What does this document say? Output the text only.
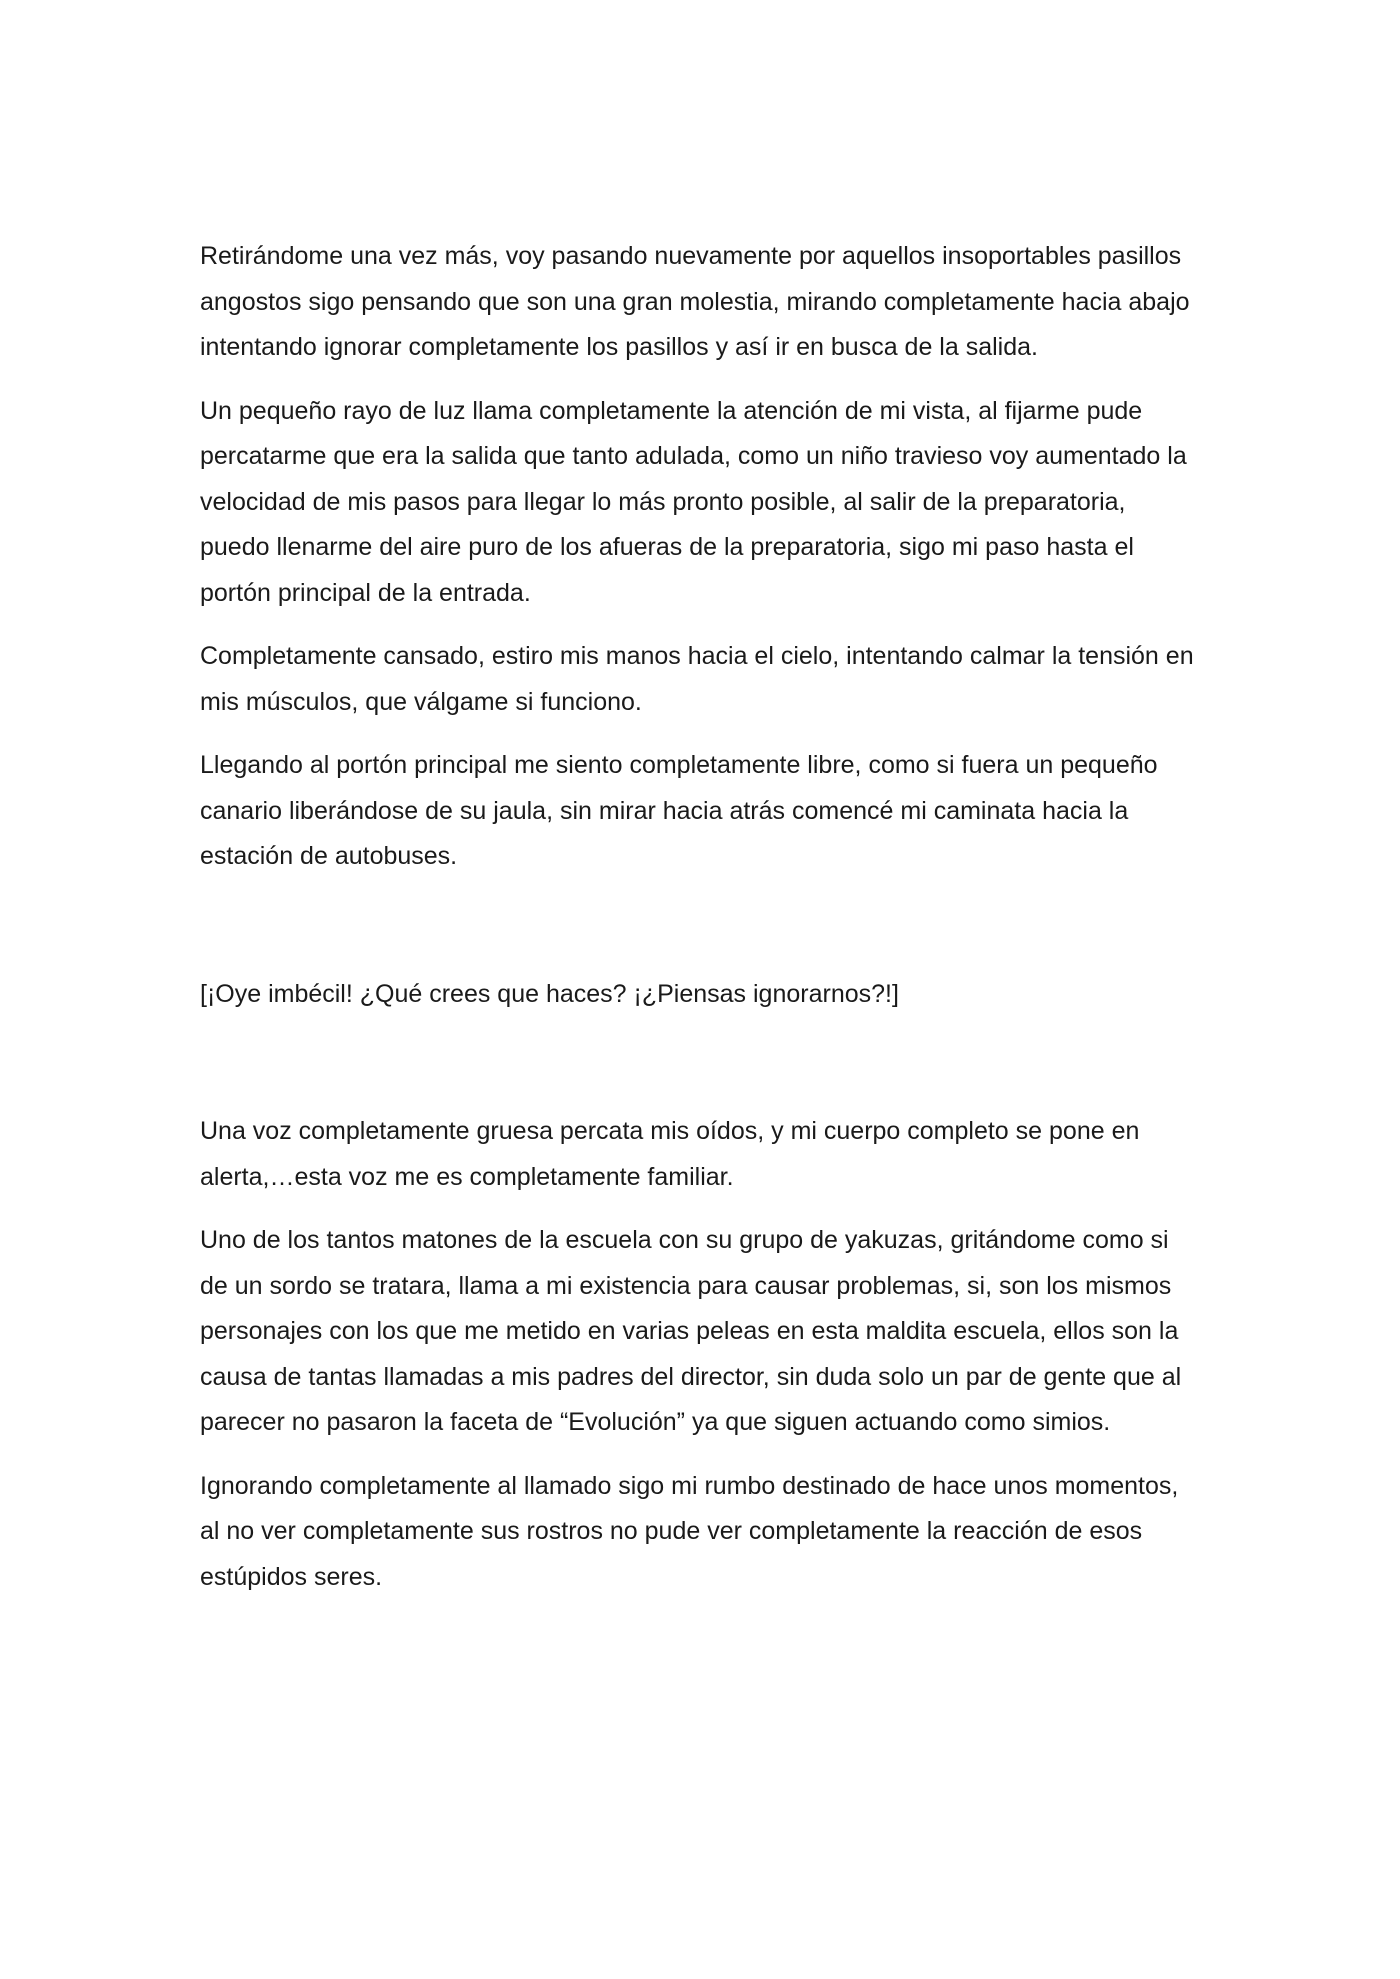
Retirándome una vez más, voy pasando nuevamente por aquellos insoportables pasillos angostos sigo pensando que son una gran molestia, mirando completamente hacia abajo intentando ignorar completamente los pasillos y así ir en busca de la salida.

Un pequeño rayo de luz llama completamente la atención de mi vista, al fijarme pude percatarme que era la salida que tanto adulada, como un niño travieso voy aumentado la velocidad de mis pasos para llegar lo más pronto posible, al salir de la preparatoria, puedo llenarme del aire puro de los afueras de la preparatoria, sigo mi paso hasta el portón principal de la entrada.

Completamente cansado, estiro mis manos hacia el cielo, intentando calmar la tensión en mis músculos, que válgame si funciono.

Llegando al portón principal me siento completamente libre, como si fuera un pequeño canario liberándose de su jaula, sin mirar hacia atrás comencé mi caminata hacia la estación de autobuses.

[¡Oye imbécil! ¿Qué crees que haces? ¡¿Piensas ignorarnos?!]

Una voz completamente gruesa percata mis oídos, y mi cuerpo completo se pone en alerta,…esta voz me es completamente familiar.

Uno de los tantos matones de la escuela con su grupo de yakuzas, gritándome como si de un sordo se tratara, llama a mi existencia para causar problemas, si, son los mismos personajes con los que me metido en varias peleas en esta maldita escuela, ellos son la causa de tantas llamadas a mis padres del director, sin duda solo un par de gente que al parecer no pasaron la faceta de “Evolución” ya que siguen actuando como simios.

Ignorando completamente al llamado sigo mi rumbo destinado de hace unos momentos, al no ver completamente sus rostros no pude ver completamente la reacción de esos estúpidos seres.
